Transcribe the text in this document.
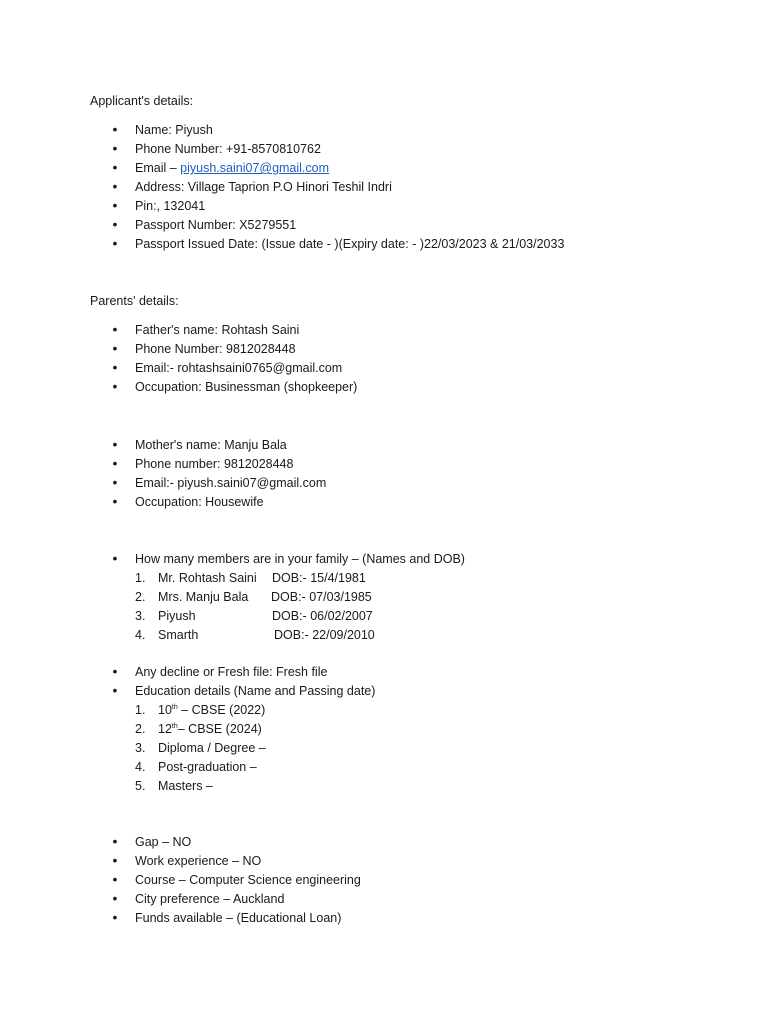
Applicant's details:
• Name: Piyush
• Phone Number: +91-8570810762
• Email – piyush.saini07@gmail.com
• Address: Village Taprion P.O Hinori Teshil Indri
• Pin:, 132041
• Passport Number: X5279551
• Passport Issued Date: (Issue date - )(Expiry date: - )22/03/2023 & 21/03/2033
Parents' details:
• Father's name: Rohtash Saini
• Phone Number: 9812028448
• Email:- rohtashsaini0765@gmail.com
• Occupation: Businessman (shopkeeper)
• Mother's name: Manju Bala
• Phone number: 9812028448
• Email:- piyush.saini07@gmail.com
• Occupation: Housewife
• How many members are in your family – (Names and DOB)
1. Mr. Rohtash Saini DOB:- 15/4/1981
2. Mrs. Manju Bala DOB:- 07/03/1985
3. Piyush	DOB:- 06/02/2007
4. Smarth	DOB:- 22/09/2010
• Any decline or Fresh file: Fresh file
• Education details (Name and Passing date)
1. 10th – CBSE (2022)
2. 12th– CBSE (2024)
3. Diploma / Degree –
4. Post-graduation –
5. Masters –
• Gap – NO
• Work experience – NO
• Course – Computer Science engineering
• City preference – Auckland
• Funds available – (Educational Loan)
